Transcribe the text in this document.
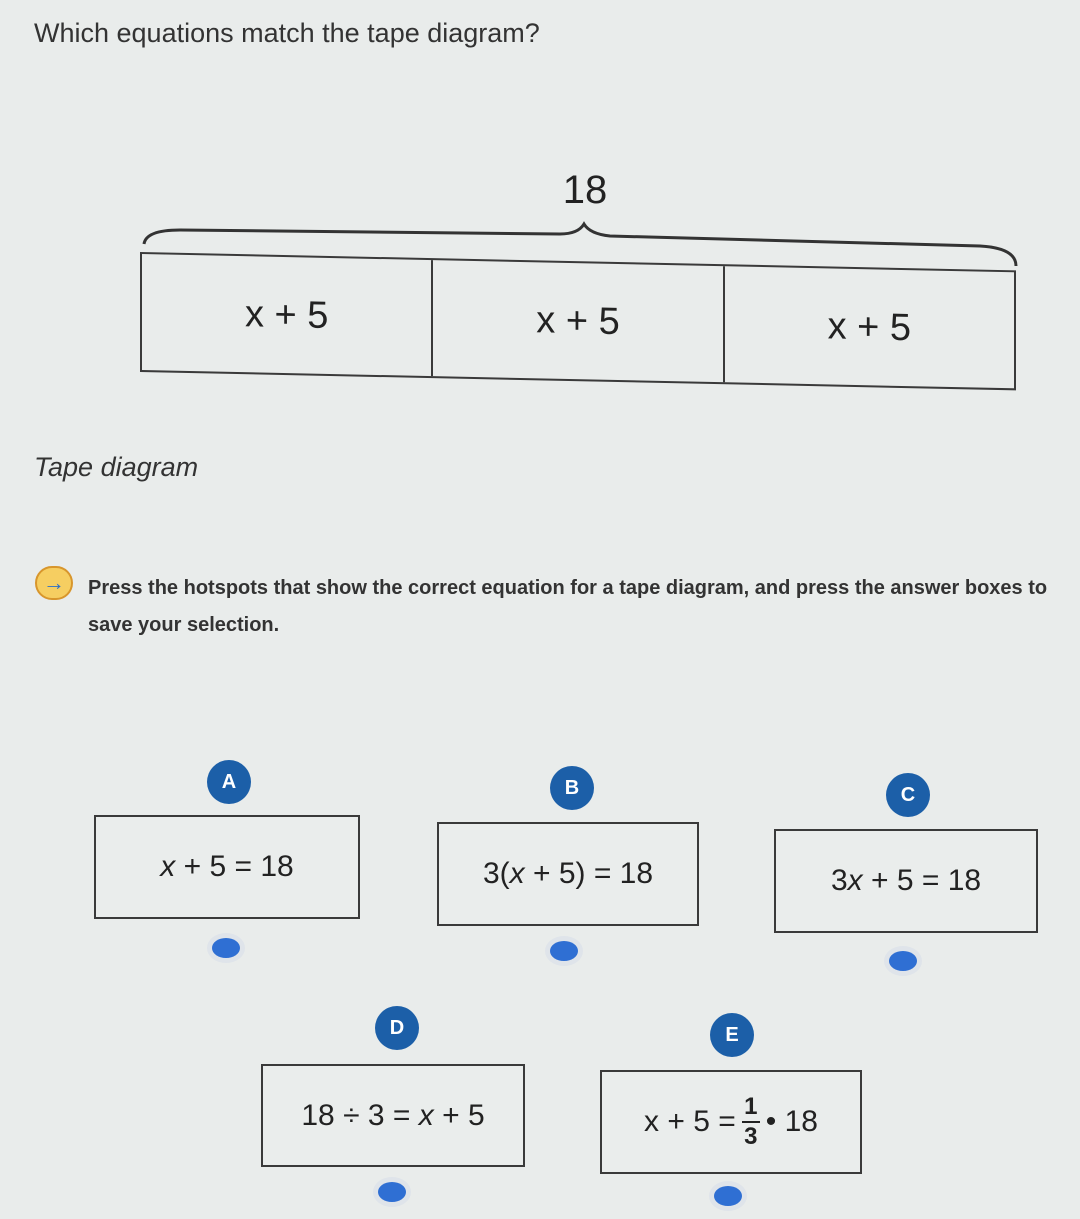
Which equations match the tape diagram?
18
x + 5	x + 5	x + 5
Tape diagram
→	Press the hotspots that show the correct equation for a tape diagram, and press the answer boxes to save your selection.

A
x + 5 = 18
B
3(x + 5) = 18
C
3x + 5 = 18
D
18 ÷ 3 = x + 5
E
$x + 5 = \frac{1}{3}$ • 18
